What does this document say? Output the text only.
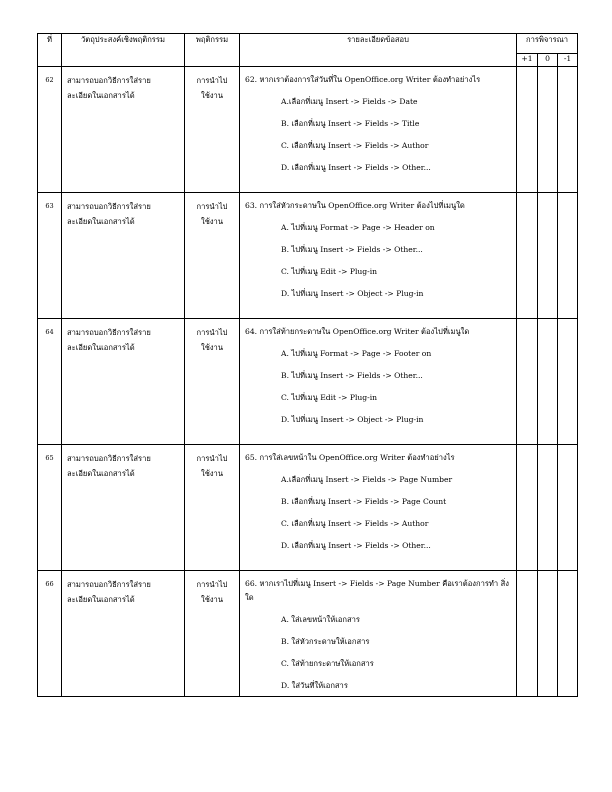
ที่	วัตถุประสงค์เชิงพฤติกรรม	พฤติกรรม	รายละเอียดข้อสอบ	การพิจารณา		
				+1	0	-1
62	สามารถบอกวิธีการใส่ราย
ละเอียดในเอกสารได้	การนำไป
ใช้งาน	62. หากเราต้องการใส่วันที่ใน OpenOffice.org Writer ต้องทำอย่างไร
A.เลือกที่เมนู Insert -> Fields -> Date
B. เลือกที่เมนู Insert -> Fields -> Title
C. เลือกที่เมนู Insert -> Fields -> Author
D. เลือกที่เมนู Insert -> Fields -> Other...			

63	สามารถบอกวิธีการใส่ราย
ละเอียดในเอกสารได้	การนำไป
ใช้งาน	63. การใส่หัวกระดาษใน OpenOffice.org Writer ต้องไปที่เมนูใด
A. ไปที่เมนู Format -> Page -> Header on
B. ไปที่เมนู Insert -> Fields -> Other...
C. ไปที่เมนู Edit -> Plug-in
D. ไปที่เมนู Insert -> Object -> Plug-in			

64	สามารถบอกวิธีการใส่ราย
ละเอียดในเอกสารได้	การนำไป
ใช้งาน	64. การใส่ท้ายกระดาษใน OpenOffice.org Writer ต้องไปที่เมนูใด
A. ไปที่เมนู Format -> Page -> Footer on
B. ไปที่เมนู Insert -> Fields -> Other...
C. ไปที่เมนู Edit -> Plug-in
D. ไปที่เมนู Insert -> Object -> Plug-in			

65	สามารถบอกวิธีการใส่ราย
ละเอียดในเอกสารได้	การนำไป
ใช้งาน	65. การใส่เลขหน้าใน OpenOffice.org Writer ต้องทำอย่างไร
A.เลือกที่เมนู Insert -> Fields -> Page Number
B. เลือกที่เมนู Insert -> Fields -> Page Count
C. เลือกที่เมนู Insert -> Fields -> Author
D. เลือกที่เมนู Insert -> Fields -> Other...			

66	สามารถบอกวิธีการใส่ราย
ละเอียดในเอกสารได้	การนำไป
ใช้งาน	66. หากเราไปที่เมนู Insert -> Fields -> Page Number คือเราต้องการทำ สิ่งใด
A. ใส่เลขหน้าให้เอกสาร
B. ใส่หัวกระดาษให้เอกสาร
C. ใส่ท้ายกระดาษให้เอกสาร
D. ใส่วันที่ให้เอกสาร			
